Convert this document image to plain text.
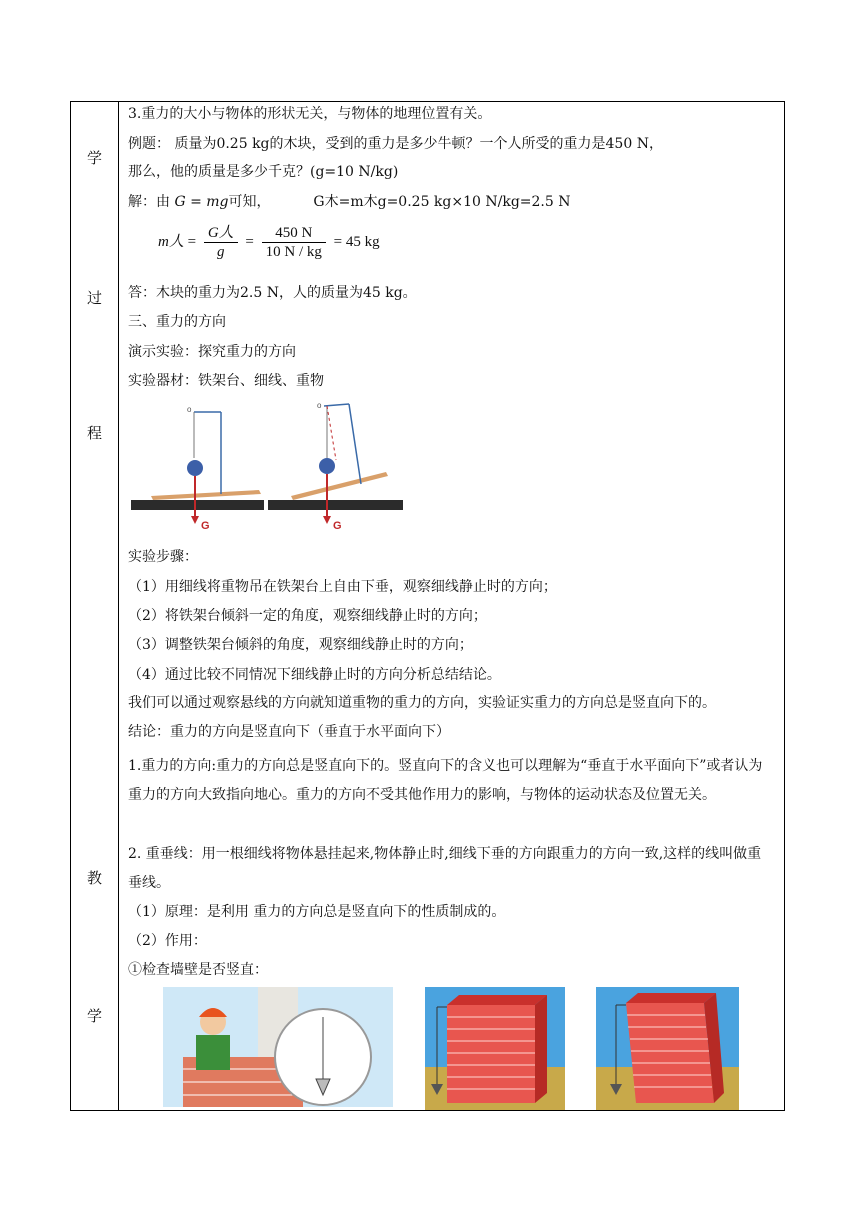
学
过
程
教
学
3.重力的大小与物体的形状无关，与物体的地理位置有关。
例题： 质量为0.25 kg的木块，受到的重力是多少牛顿？一个人所受的重力是450 N，
那么，他的质量是多少千克？(g=10 N/kg)
解：由 G = mg可知，	G木=m木g=0.25 kg×10 N/kg=2.5 N
m人 = $\frac{\text{G人}}{g} = \frac{450 N}{10 N / kg} = 45$ kg
答：木块的重力为2.5 N，人的质量为45 kg。
三、重力的方向
演示实验：探究重力的方向
实验器材：铁架台、细线、重物
G
o
G
o
实验步骤：
（1）用细线将重物吊在铁架台上自由下垂，观察细线静止时的方向；
（2）将铁架台倾斜一定的角度，观察细线静止时的方向；
（3）调整铁架台倾斜的角度，观察细线静止时的方向；
（4）通过比较不同情况下细线静止时的方向分析总结结论。
我们可以通过观察悬线的方向就知道重物的重力的方向，实验证实重力的方向总是竖直向下的。
结论：重力的方向是竖直向下（垂直于水平面向下）
1.重力的方向:重力的方向总是竖直向下的。竖直向下的含义也可以理解为“垂直于水平面向下”或者认为重力的方向大致指向地心。重力的方向不受其他作用力的影响，与物体的运动状态及位置无关。
2. 重垂线：用一根细线将物体悬挂起来,物体静止时,细线下垂的方向跟重力的方向一致,这样的线叫做重垂线。
（1）原理：是利用 重力的方向总是竖直向下的性质制成的。
（2）作用：
①检查墙壁是否竖直：
